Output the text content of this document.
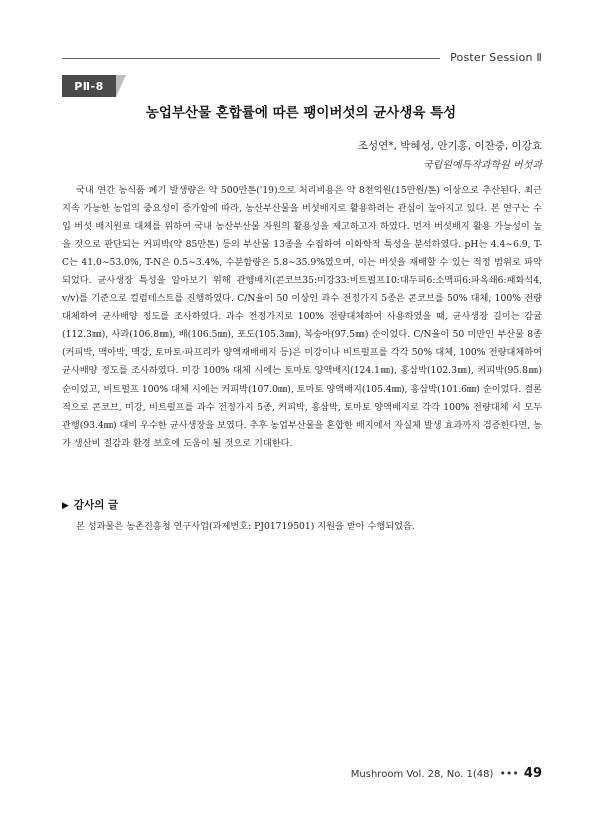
Poster Session Ⅱ
PⅡ-8
농업부산물 혼합률에 따른 팽이버섯의 균사생육 특성
조성연*, 박혜성, 안기홍, 이찬중, 이강효
국립원예특작과학원 버섯과

국내 연간 농식품 폐기 발생량은 약 500만톤('19)으로 처리비용은 약 8천억원(15만원/톤) 이상으로 추산된다. 최근 지속 가능한 농업의 중요성이 증가함에 따라, 농산부산물을 버섯배지로 활용하려는 관심이 높아지고 있다. 본 연구는 수입 버섯 배지원료 대체를 위하여 국내 농산부산물 자원의 활용성을 제고하고자 하였다. 먼저 버섯배지 활용 가능성이 높을 것으로 판단되는 커피박(약 85만톤) 등의 부산물 13종을 수집하여 이화학적 특성을 분석하였다. pH는 4.4∼6.9, T-C는 41.0∼53.0%, T-N은 0.5∼3.4%, 수분함량은 5.8∼35.9%였으며, 이는 버섯을 재배할 수 있는 적정 범위로 파악되었다. 균사생장 특성을 알아보기 위해 관행배지(콘코브35:미강33:비트펄프10:대두피6:소맥피6:파옥쇄6:패화석4, v/v)를 기준으로 컬럼테스트를 진행하였다. C/N율이 50 이상인 과수 전정가지 5종은 콘코브를 50% 대체, 100% 전량대체하여 균사배양 정도를 조사하였다. 과수 전정가지로 100% 전량대체하여 사용하였을 때, 균사생장 길이는 감귤(112.3㎜), 사과(106.8㎜), 배(106.5㎜), 포도(105.3㎜), 복숭아(97.5㎜) 순이었다. C/N율이 50 미만인 부산물 8종(커피박, 맥아박, 맥강, 토마토·파프리카 양액재배배지 등)은 미강이나 비트펄프를 각각 50% 대체, 100% 전량대체하여 균사배양 정도를 조사하였다. 미강 100% 대체 시에는 토마토 양액배지(124.1㎜), 홍삼박(102.3㎜), 커피박(95.8㎜) 순이었고, 비트펄프 100% 대체 시에는 커피박(107.0㎜), 토마토 양액배지(105.4㎜), 홍삼박(101.6㎜) 순이었다. 결론적으로 콘코브, 미강, 비트펄프를 과수 전정가지 5종, 커피박, 홍삼박, 토마토 양액배지로 각각 100% 전량대체 시 모두 관행(93.4㎜) 대비 우수한 균사생장을 보였다. 추후 농업부산물을 혼합한 배지에서 자실체 발생 효과까지 검증한다면, 농가 생산비 절감과 환경 보호에 도움이 될 것으로 기대한다.

▶ 감사의 글

본 성과물은 농촌진흥청 연구사업(과제번호: PJ01719501) 지원을 받아 수행되었음.

Mushroom Vol. 28, No. 1(48) ••• 49
